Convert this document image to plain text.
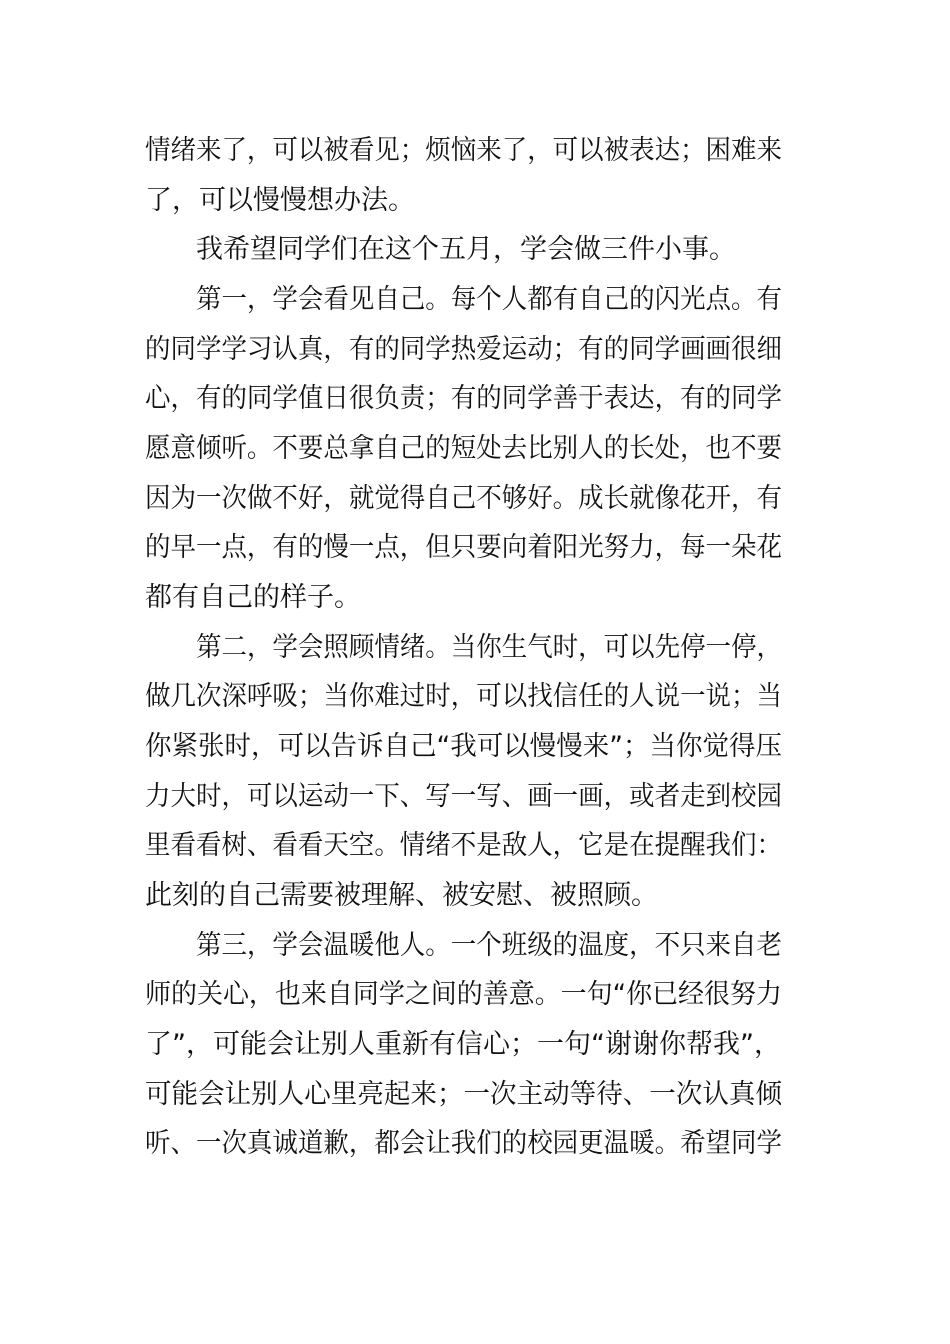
情绪来了，可以被看见；烦恼来了，可以被表达；困难来
了，可以慢慢想办法。
我希望同学们在这个五月，学会做三件小事。
第一，学会看见自己。每个人都有自己的闪光点。有
的同学学习认真，有的同学热爱运动；有的同学画画很细
心，有的同学值日很负责；有的同学善于表达，有的同学
愿意倾听。不要总拿自己的短处去比别人的长处，也不要
因为一次做不好，就觉得自己不够好。成长就像花开，有
的早一点，有的慢一点，但只要向着阳光努力，每一朵花
都有自己的样子。
第二，学会照顾情绪。当你生气时，可以先停一停，
做几次深呼吸；当你难过时，可以找信任的人说一说；当
你紧张时，可以告诉自己“我可以慢慢来”；当你觉得压
力大时，可以运动一下、写一写、画一画，或者走到校园
里看看树、看看天空。情绪不是敌人，它是在提醒我们：
此刻的自己需要被理解、被安慰、被照顾。
第三，学会温暖他人。一个班级的温度，不只来自老
师的关心，也来自同学之间的善意。一句“你已经很努力
了”，可能会让别人重新有信心；一句“谢谢你帮我”，
可能会让别人心里亮起来；一次主动等待、一次认真倾
听、一次真诚道歉，都会让我们的校园更温暖。希望同学
